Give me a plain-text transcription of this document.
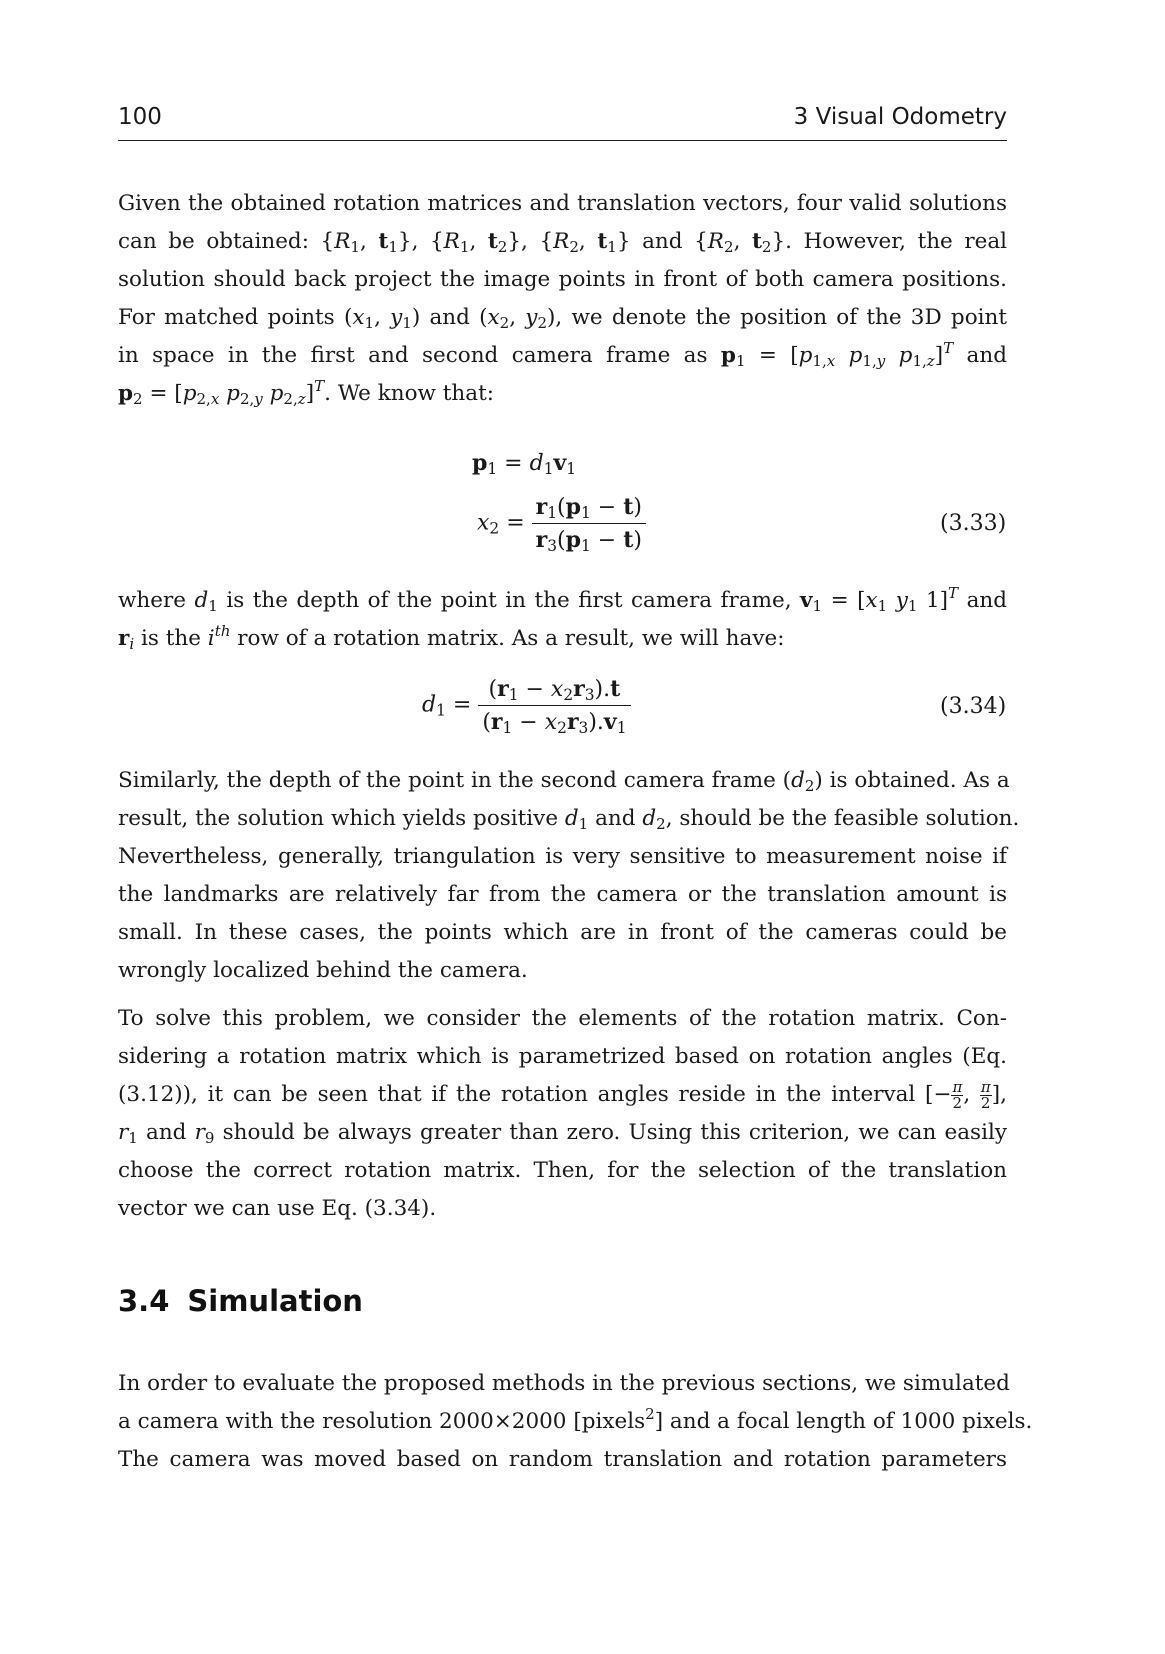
100	3 Visual Odometry
Given the obtained rotation matrices and translation vectors, four valid solutions
can be obtained: {$R_1$, $t_1$}, {$R_1$, $t_2$}, {$R_2$, $t_1$} and {$R_2$, $t_2$}. However, the real
solution should back project the image points in front of both camera positions.
For matched points ($x_1$, $y_1$) and ($x_2$, $y_2$), we denote the position of the 3D point
in space in the first and second camera frame as $p_1 = [p_{1,x}$ $p_{1,y}$ $p_{1,z}]^T$ and
$p_2 = [p_{2,x}$ $p_{2,y}$ $p_{2,z}]^T$. We know that:
$p_1 = d_1v_1$
$x_2 = \frac{r_1(p_1 - t)}{r_3(p_1 - t)}$	(3.33)
where $d_1$ is the depth of the point in the first camera frame, $v_1 = [x_1$ $y_1$ 1]$^T$ and
$r_i$ is the $i^{th}$ row of a rotation matrix. As a result, we will have:
$d_1 = \frac{(r_1 - x_2r_3).t}{(r_1 - x_2r_3).v_1}$	(3.34)
Similarly, the depth of the point in the second camera frame $(d_2)$ is obtained. As a
result, the solution which yields positive $d_1$ and $d_2$, should be the feasible solution.
Nevertheless, generally, triangulation is very sensitive to measurement noise if
the landmarks are relatively far from the camera or the translation amount is
small. In these cases, the points which are in front of the cameras could be
wrongly localized behind the camera.
To solve this problem, we consider the elements of the rotation matrix. Con-
sidering a rotation matrix which is parametrized based on rotation angles (Eq.
(3.12)), it can be seen that if the rotation angles reside in the interval [− $\frac{\pi}{2}$ , $\frac{\pi}{2}$ ],
$r_1$ and $r_9$ should be always greater than zero. Using this criterion, we can easily
choose the correct rotation matrix. Then, for the selection of the translation
vector we can use Eq. (3.34).
3.4 Simulation
In order to evaluate the proposed methods in the previous sections, we simulated
a camera with the resolution 2000×2000 [pixels$^2$] and a focal length of 1000 pixels.
The camera was moved based on random translation and rotation parameters
